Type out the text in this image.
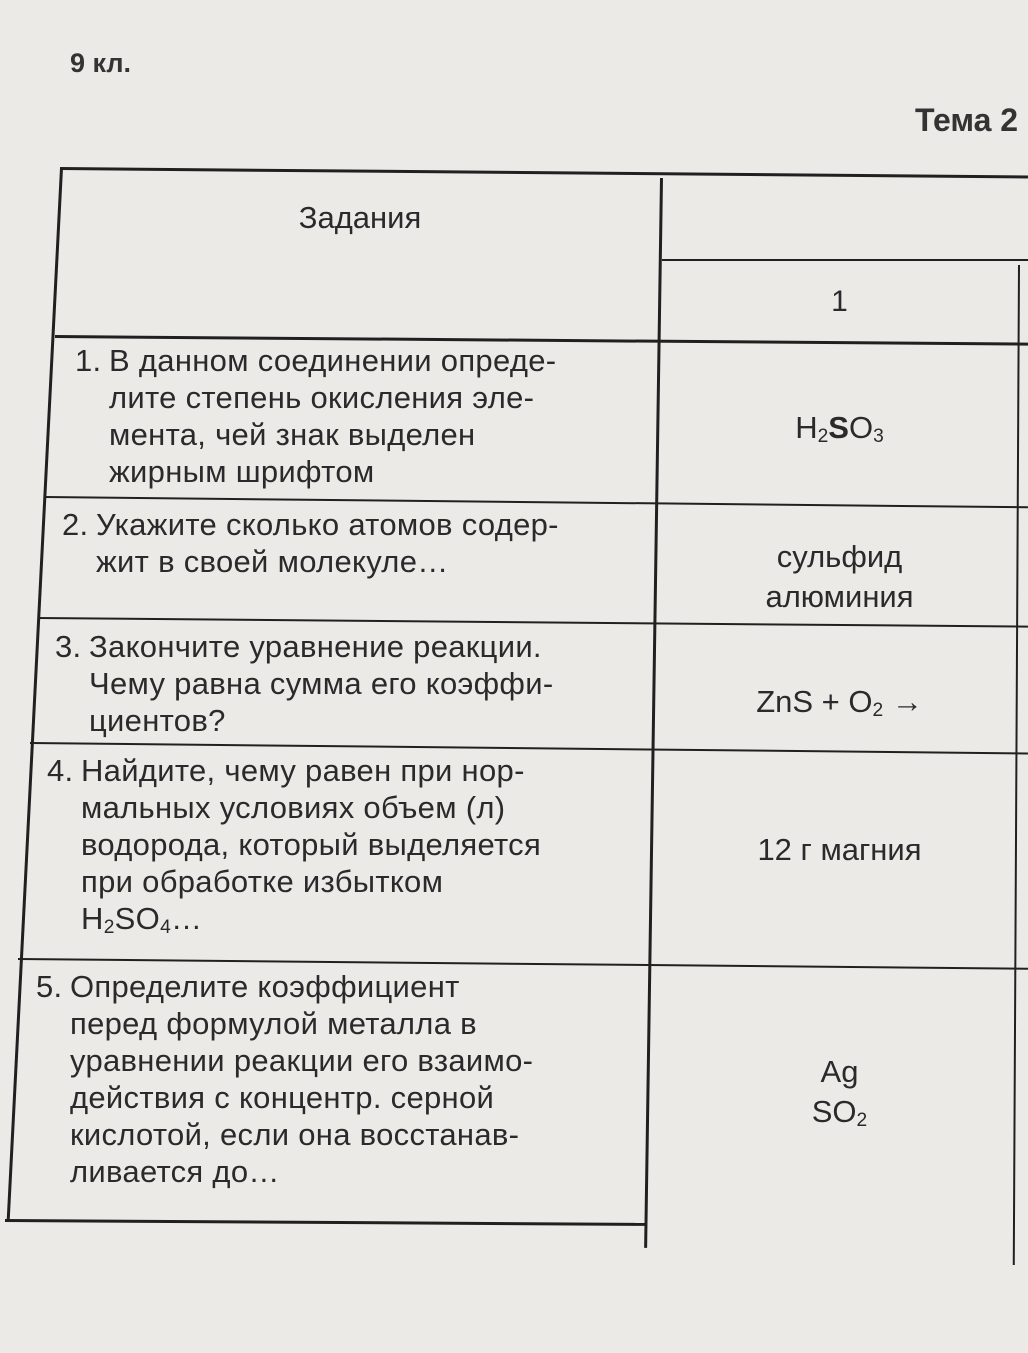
9 кл.
Тема 2
Задания
1
1. В данном соединении опреде-
лите степень окисления эле-
мента, чей знак выделен
жирным шрифтом
$H_2SO_3$
2. Укажите сколько атомов содер-
жит в своей молекуле…	сульфид
алюминия
3. Закончите уравнение реакции.
Чему равна сумма его коэффи-
циентов?
ZnS + $O_2$ →
4. Найдите, чему равен при нор-
мальных условиях объем (л)
водорода, который выделяется
при обработке избытком
$H_2SO_4\dots$
12 г магния
5. Определите коэффициент
перед формулой металла в
уравнении реакции его взаимо-
действия с концентр. серной
кислотой, если она восстанав-
ливается до…
Ag
$SO_2$
